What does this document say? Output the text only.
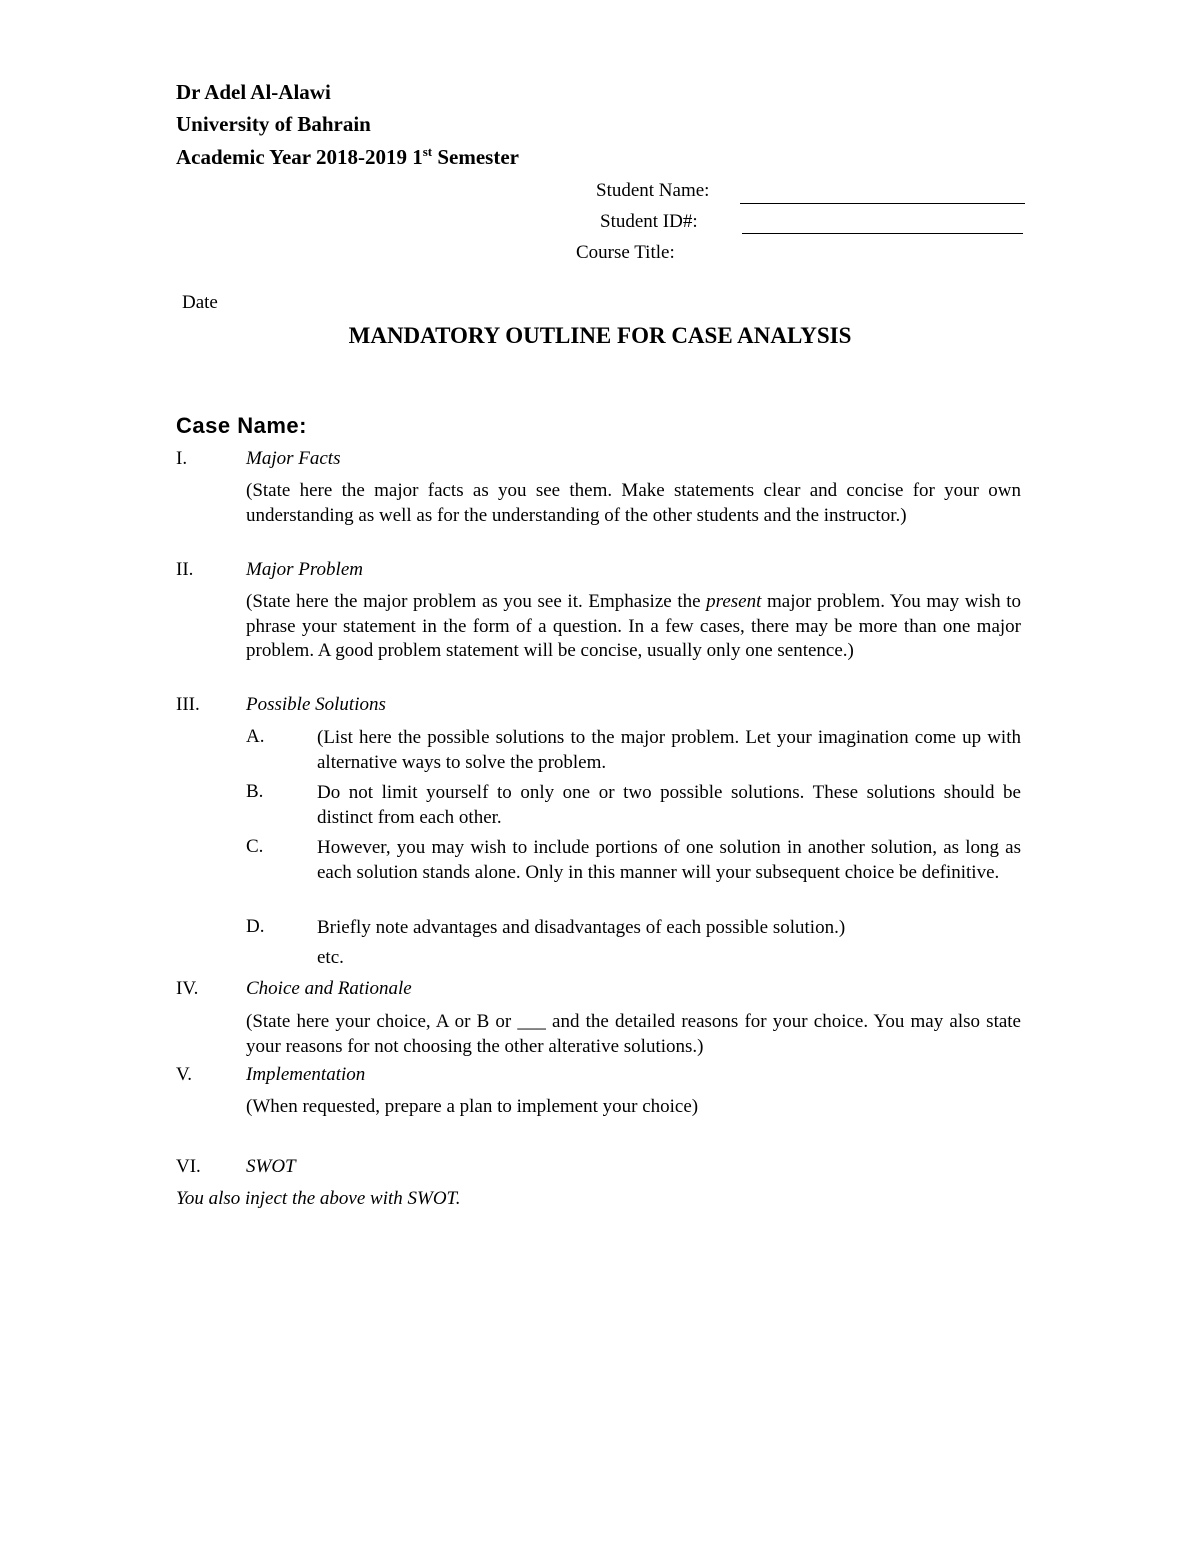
Dr Adel Al-Alawi
University of Bahrain
Academic Year 2018-2019 1st Semester
Student Name:
Student ID#:
Course Title:
Date
MANDATORY OUTLINE FOR CASE ANALYSIS
Case Name:
I.	Major Facts
(State here the major facts as you see them. Make statements clear and concise for your own understanding as well as for the understanding of the other students and the instructor.)
II.	Major Problem
(State here the major problem as you see it. Emphasize the present major problem. You may wish to phrase your statement in the form of a question. In a few cases, there may be more than one major problem. A good problem statement will be concise, usually only one sentence.)
III. Possible Solutions
A.	(List here the possible solutions to the major problem. Let your imagination come up with alternative ways to solve the problem.
B.	Do not limit yourself to only one or two possible solutions. These solutions should be distinct from each other.
C.	However, you may wish to include portions of one solution in another solution, as long as each solution stands alone. Only in this manner will your subsequent choice be definitive.
D.	Briefly note advantages and disadvantages of each possible solution.)
etc.
IV.	Choice and Rationale
(State here your choice, A or B or ___ and the detailed reasons for your choice. You may also state your reasons for not choosing the other alterative solutions.)
V.	Implementation
(When requested, prepare a plan to implement your choice)
VI. SWOT
You also inject the above with SWOT.
